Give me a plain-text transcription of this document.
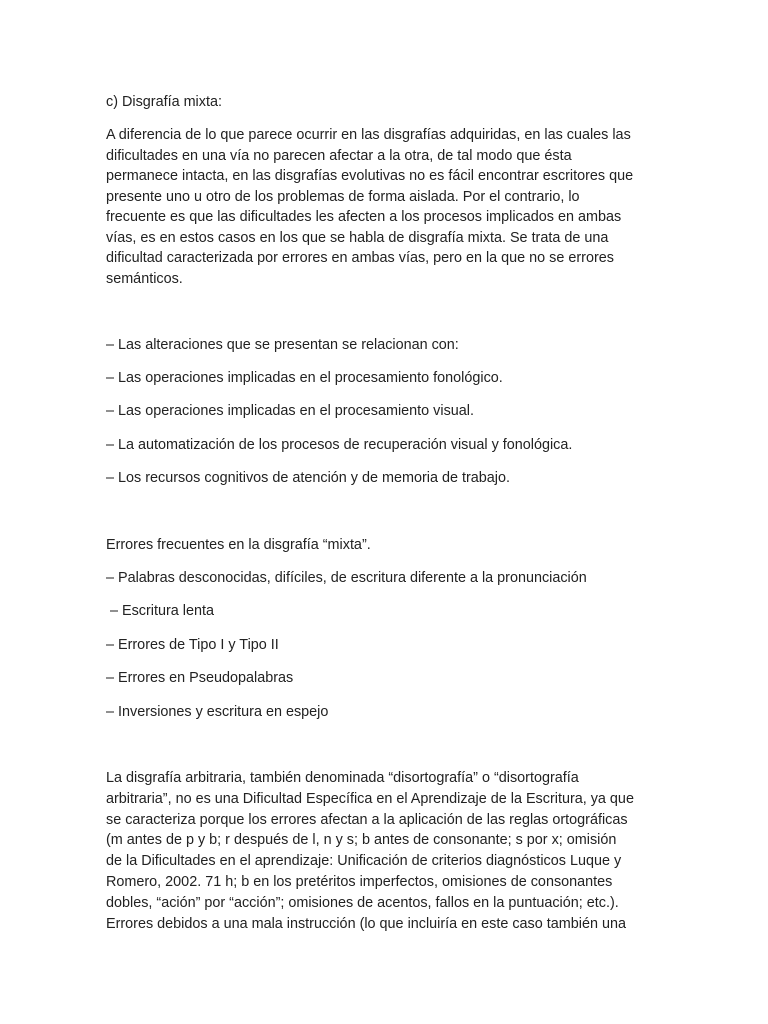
c) Disgrafía mixta:
A diferencia de lo que parece ocurrir en las disgrafías adquiridas, en las cuales las
dificultades en una vía no parecen afectar a la otra, de tal modo que ésta
permanece intacta, en las disgrafías evolutivas no es fácil encontrar escritores que
presente uno u otro de los problemas de forma aislada. Por el contrario, lo
frecuente es que las dificultades les afecten a los procesos implicados en ambas
vías, es en estos casos en los que se habla de disgrafía mixta. Se trata de una
dificultad caracterizada por errores en ambas vías, pero en la que no se errores
semánticos.
– Las alteraciones que se presentan se relacionan con:
– Las operaciones implicadas en el procesamiento fonológico.
– Las operaciones implicadas en el procesamiento visual.
– La automatización de los procesos de recuperación visual y fonológica.
– Los recursos cognitivos de atención y de memoria de trabajo.
Errores frecuentes en la disgrafía “mixta”.
– Palabras desconocidas, difíciles, de escritura diferente a la pronunciación
– Escritura lenta
– Errores de Tipo I y Tipo II
– Errores en Pseudopalabras
– Inversiones y escritura en espejo
La disgrafía arbitraria, también denominada “disortografía” o “disortografía
arbitraria”, no es una Dificultad Específica en el Aprendizaje de la Escritura, ya que
se caracteriza porque los errores afectan a la aplicación de las reglas ortográficas
(m antes de p y b; r después de l, n y s; b antes de consonante; s por x; omisión
de la Dificultades en el aprendizaje: Unificación de criterios diagnósticos Luque y
Romero, 2002. 71 h; b en los pretéritos imperfectos, omisiones de consonantes
dobles, “ación” por “acción”; omisiones de acentos, fallos en la puntuación; etc.).
Errores debidos a una mala instrucción (lo que incluiría en este caso también una
